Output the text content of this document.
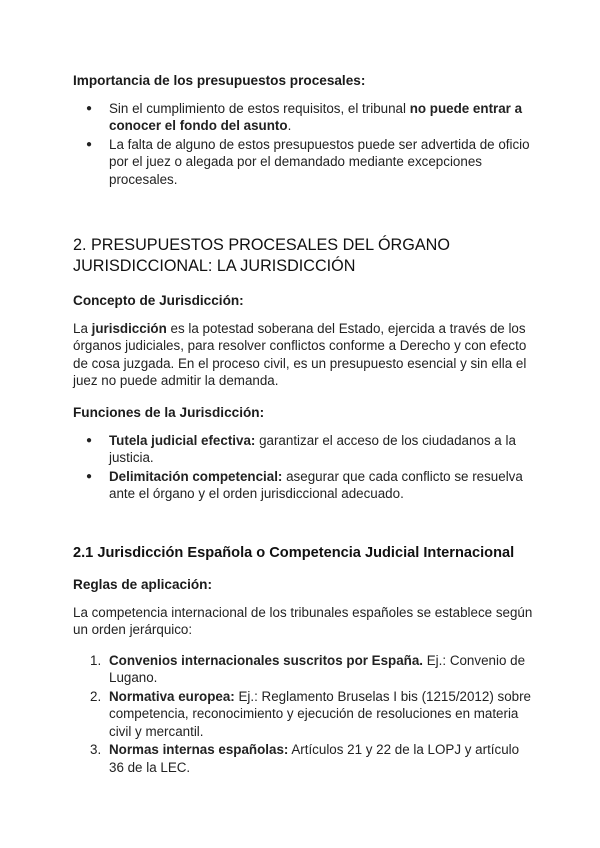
Importancia de los presupuestos procesales:

● Sin el cumplimiento de estos requisitos, el tribunal no puede entrar a conocer el fondo del asunto.
● La falta de alguno de estos presupuestos puede ser advertida de oficio por el juez o alegada por el demandado mediante excepciones procesales.

2. PRESUPUESTOS PROCESALES DEL ÓRGANO JURISDICCIONAL: LA JURISDICCIÓN

Concepto de Jurisdicción:

La jurisdicción es la potestad soberana del Estado, ejercida a través de los órganos judiciales, para resolver conflictos conforme a Derecho y con efecto de cosa juzgada. En el proceso civil, es un presupuesto esencial y sin ella el juez no puede admitir la demanda.

Funciones de la Jurisdicción:

● Tutela judicial efectiva: garantizar el acceso de los ciudadanos a la justicia.
● Delimitación competencial: asegurar que cada conflicto se resuelva ante el órgano y el orden jurisdiccional adecuado.

2.1 Jurisdicción Española o Competencia Judicial Internacional

Reglas de aplicación:

La competencia internacional de los tribunales españoles se establece según un orden jerárquico:

1. Convenios internacionales suscritos por España. Ej.: Convenio de Lugano.
2. Normativa europea: Ej.: Reglamento Bruselas I bis (1215/2012) sobre competencia, reconocimiento y ejecución de resoluciones en materia civil y mercantil.
3. Normas internas españolas: Artículos 21 y 22 de la LOPJ y artículo 36 de la LEC.
